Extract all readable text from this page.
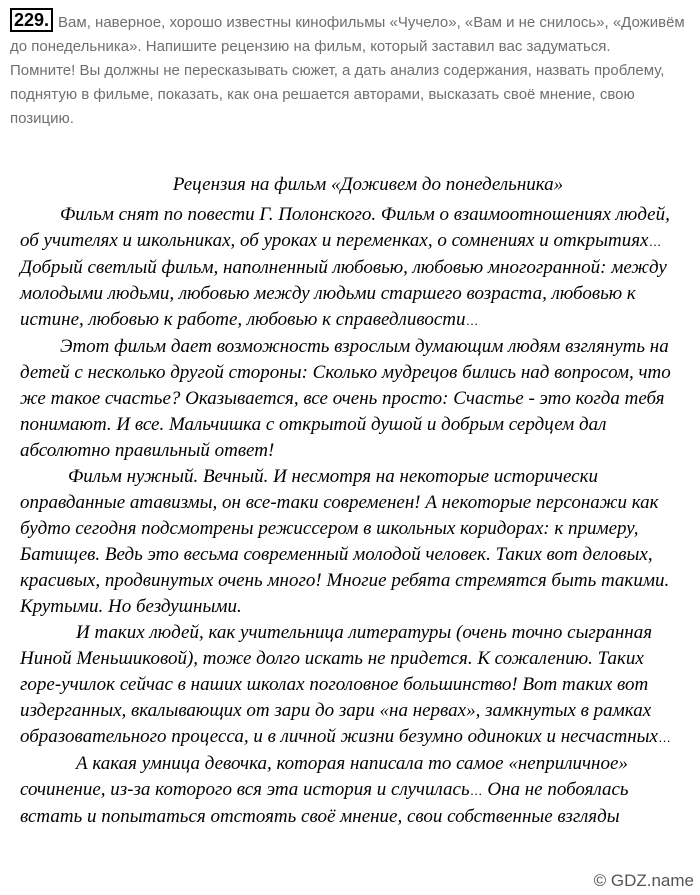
229. Вам, наверное, хорошо известны кинофильмы «Чучело», «Вам и не снилось», «Доживём до понедельника». Напишите рецензию на фильм, который заставил вас задуматься.

Помните! Вы должны не пересказывать сюжет, а дать анализ содержания, назвать проблему, поднятую в фильме, показать, как она решается авторами, высказать своё мнение, свою позицию.

Рецензия на фильм «Доживем до понедельника»

Фильм снят по повести Г. Полонского. Фильм о взаимоотношениях людей, об учителях и школьниках, об уроках и переменках, о сомнениях и открытиях… Добрый светлый фильм, наполненный любовью, любовью многогранной: между молодыми людьми, любовью между людьми старшего возраста, любовью к истине, любовью к работе, любовью к справедливости…

Этот фильм дает возможность взрослым думающим людям взглянуть на детей с несколько другой стороны: Сколько мудрецов бились над вопросом, что же такое счастье? Оказывается, все очень просто: Счастье - это когда тебя понимают. И все. Мальчишка с открытой душой и добрым сердцем дал абсолютно правильный ответ!

Фильм нужный. Вечный. И несмотря на некоторые исторически оправданные атавизмы, он все-таки современен! А некоторые персонажи как будто сегодня подсмотрены режиссером в школьных коридорах: к примеру, Батищев. Ведь это весьма современный молодой человек. Таких вот деловых, красивых, продвинутых очень много! Многие ребята стремятся быть такими. Крутыми. Но бездушными.

И таких людей, как учительница литературы (очень точно сыгранная Ниной Меньшиковой), тоже долго искать не придется. К сожалению. Таких горе-училок сейчас в наших школах поголовное большинство! Вот таких вот издерганных, вкалывающих от зари до зари «на нервах», замкнутых в рамках образовательного процесса, и в личной жизни безумно одиноких и несчастных…

А какая умница девочка, которая написала то самое «неприличное» сочинение, из-за которого вся эта история и случилась… Она не побоялась встать и попытаться отстоять своё мнение, свои собственные взгляды

© GDZ.name
